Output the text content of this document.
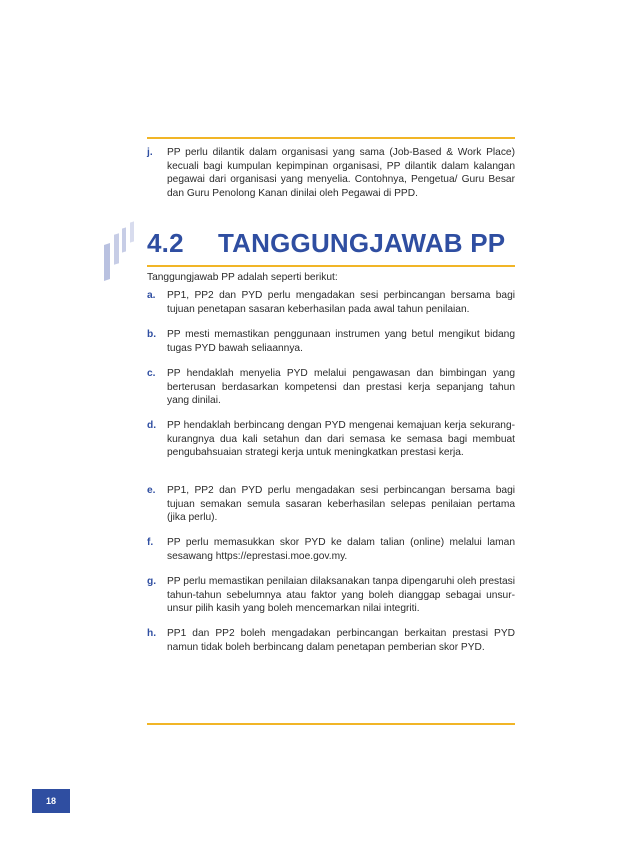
j.	PP perlu dilantik dalam organisasi yang sama (Job-Based & Work Place) kecuali bagi kumpulan kepimpinan organisasi, PP dilantik dalam kalangan pegawai dari organisasi yang menyelia. Contohnya, Pengetua/ Guru Besar dan Guru Penolong Kanan dinilai oleh Pegawai di PPD.
4.2 TANGGUNGJAWAB PP
Tanggungjawab PP adalah seperti berikut:
a.	PP1, PP2 dan PYD perlu mengadakan sesi perbincangan bersama bagi tujuan penetapan sasaran keberhasilan pada awal tahun penilaian.
b.	PP mesti memastikan penggunaan instrumen yang betul mengikut bidang tugas PYD bawah seliaannya.
c.	PP hendaklah menyelia PYD melalui pengawasan dan bimbingan yang berterusan berdasarkan kompetensi dan prestasi kerja sepanjang tahun yang dinilai.
d.	PP hendaklah berbincang dengan PYD mengenai kemajuan kerja sekurang-kurangnya dua kali setahun dan dari semasa ke semasa bagi membuat pengubahsuaian strategi kerja untuk meningkatkan prestasi kerja.
e.	PP1, PP2 dan PYD perlu mengadakan sesi perbincangan bersama bagi tujuan semakan semula sasaran keberhasilan selepas penilaian pertama (jika perlu).
f.	PP perlu memasukkan skor PYD ke dalam talian (online) melalui laman sesawang https://eprestasi.moe.gov.my.
g.	PP perlu memastikan penilaian dilaksanakan tanpa dipengaruhi oleh prestasi tahun-tahun sebelumnya atau faktor yang boleh dianggap sebagai unsur-unsur pilih kasih yang boleh mencemarkan nilai integriti.
h.	PP1 dan PP2 boleh mengadakan perbincangan berkaitan prestasi PYD namun tidak boleh berbincang dalam penetapan pemberian skor PYD.
18
